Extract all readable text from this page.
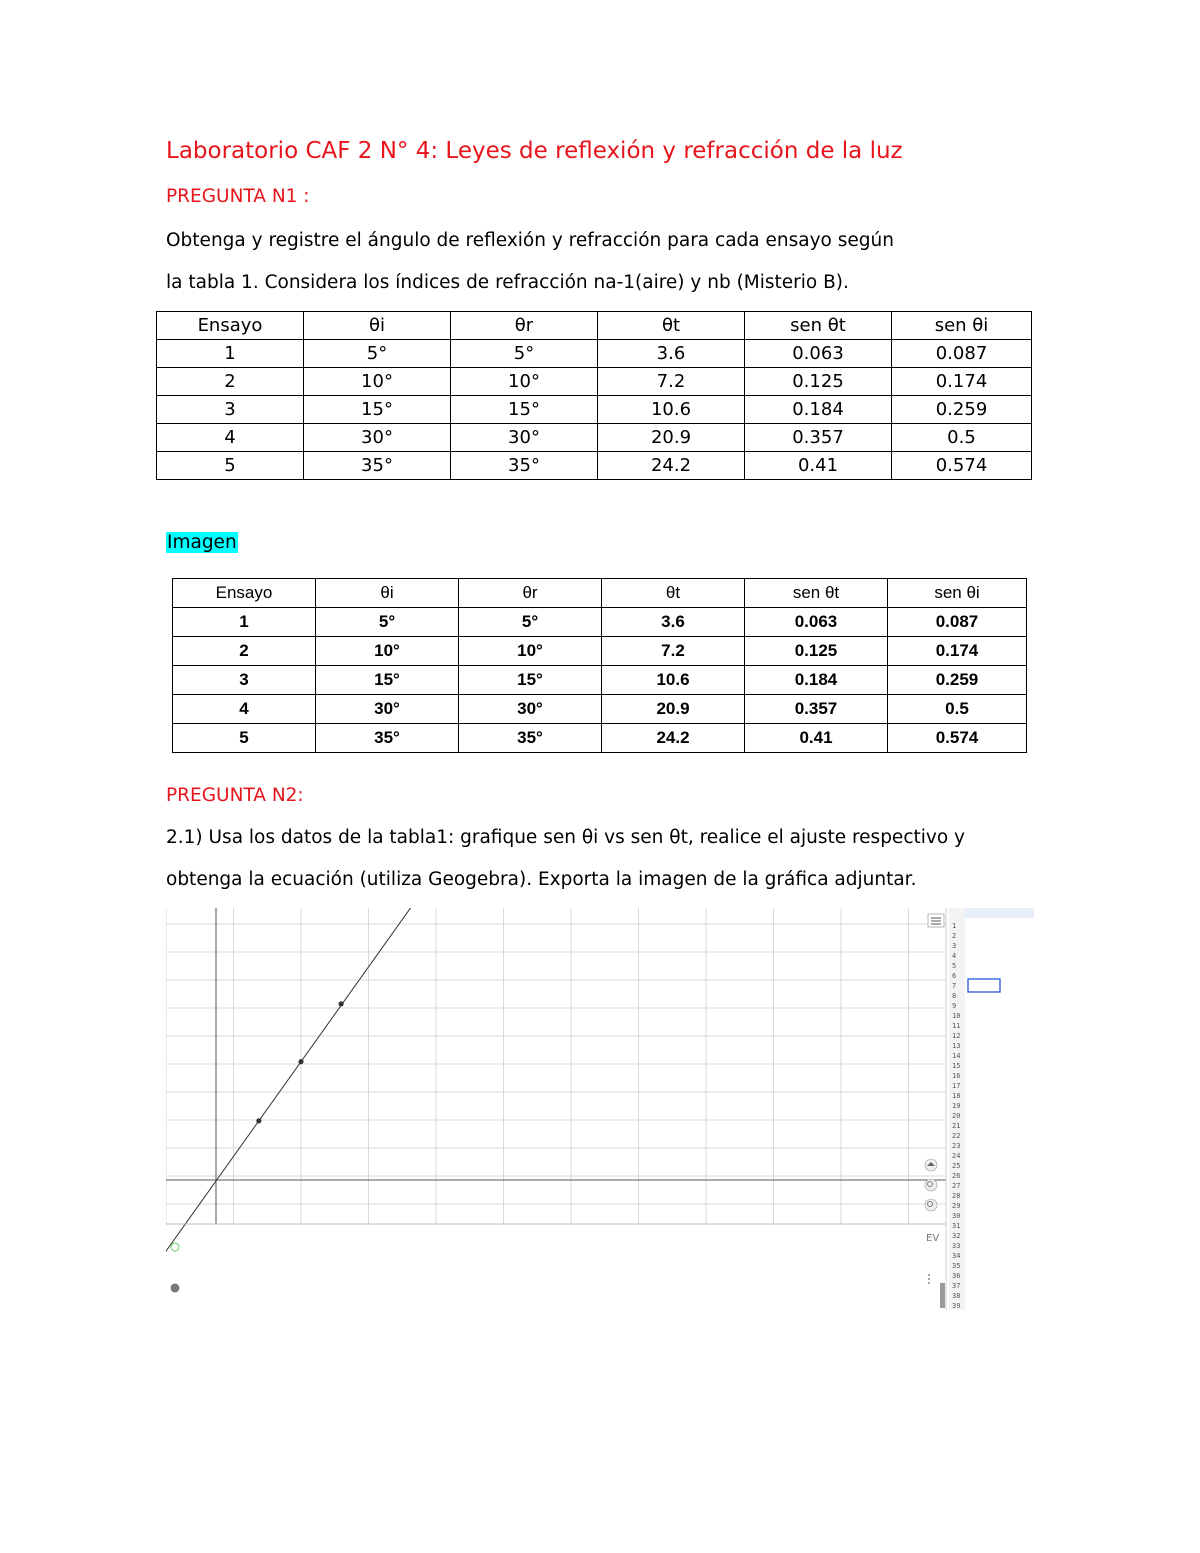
Laboratorio CAF 2 N° 4: Leyes de reflexión y refracción de la luz
PREGUNTA N1 :
Obtenga y registre el ángulo de reflexión y refracción para cada ensayo según
la tabla 1. Considera los índices de refracción na-1(aire) y nb (Misterio B).
Ensayo	θi	θr	θt	sen θt	sen θi
1	5°	5°	3.6	0.063	0.087
2	10°	10°	7.2	0.125	0.174
3	15°	15°	10.6	0.184	0.259
4	30°	30°	20.9	0.357	0.5
5	35°	35°	24.2	0.41	0.574
Imagen
Ensayo	θi	θr	θt	sen θt	sen θi
1	5°	5°	3.6	0.063	0.087
2	10°	10°	7.2	0.125	0.174
3	15°	15°	10.6	0.184	0.259
4	30°	30°	20.9	0.357	0.5
5	35°	35°	24.2	0.41	0.574
PREGUNTA N2:
2.1) Usa los datos de la tabla1: grafique sen θi vs sen θt, realice el ajuste respectivo y
obtenga la ecuación (utiliza Geogebra). Exporta la imagen de la gráfica adjuntar.
1
2
3
4
5
6
7
8
9
10
11
12
13
14
15
16
17
18
19
20
21
22
23
24
25
26
27
28
29
30
31
32
33
34
35
36
37
38
39
EV
